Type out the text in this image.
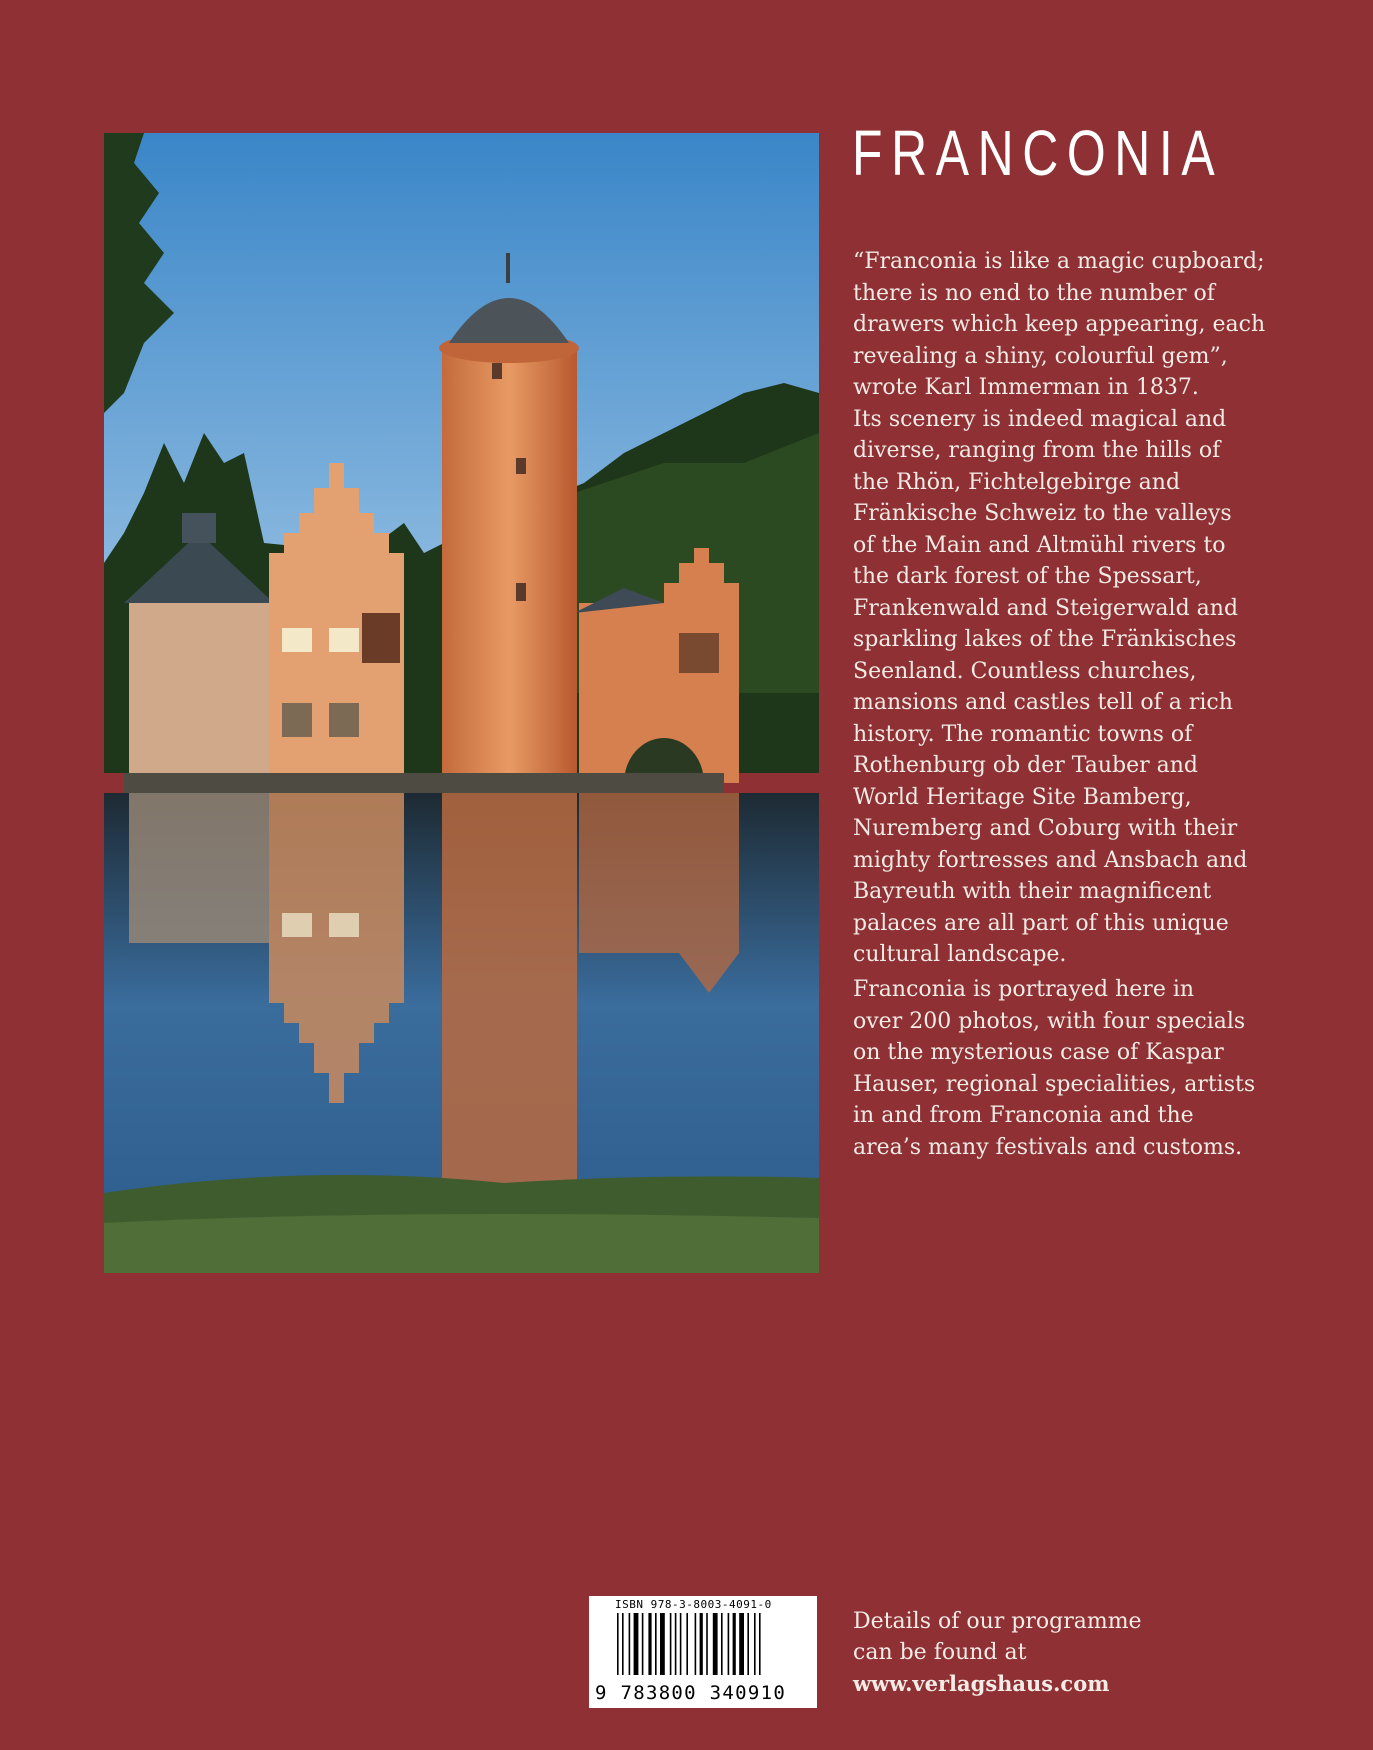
FRANCONIA
“Franconia is like a magic cupboard;
there is no end to the number of
drawers which keep appearing, each
revealing a shiny, colourful gem”,
wrote Karl Immerman in 1837.
Its scenery is indeed magical and
diverse, ranging from the hills of
the Rhön, Fichtelgebirge and
Fränkische Schweiz to the valleys
of the Main and Altmühl rivers to
the dark forest of the Spessart,
Frankenwald and Steigerwald and
sparkling lakes of the Fränkisches
Seenland. Countless churches,
mansions and castles tell of a rich
history. The romantic towns of
Rothenburg ob der Tauber and
World Heritage Site Bamberg,
Nuremberg and Coburg with their
mighty fortresses and Ansbach and
Bayreuth with their magnificent
palaces are all part of this unique
cultural landscape.
Franconia is portrayed here in
over 200 photos, with four specials
on the mysterious case of Kaspar
Hauser, regional specialities, artists
in and from Franconia and the
area’s many festivals and customs.
ISBN 978-3-8003-4091-0
9 783800 340910
Details of our programme
can be found at
www.verlagshaus.com
